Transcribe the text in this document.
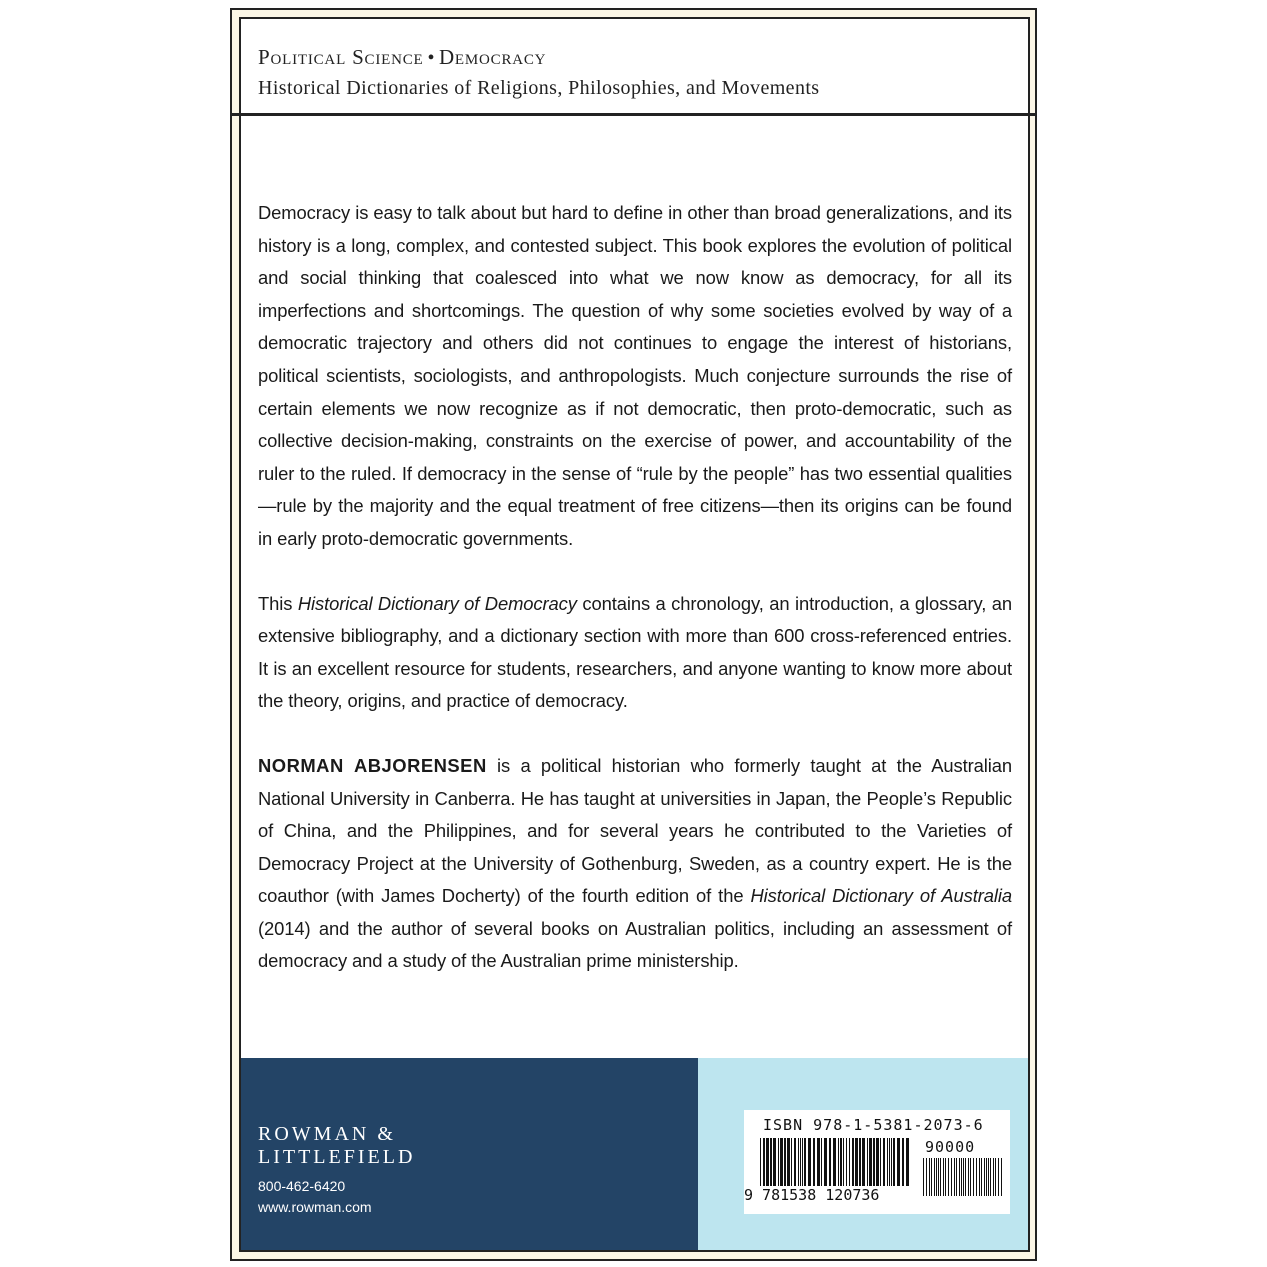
Political Science • Democracy
Historical Dictionaries of Religions, Philosophies, and Movements

Democracy is easy to talk about but hard to define in other than broad generalizations, and its history is a long, complex, and contested subject. This book explores the evolution of political and social thinking that coalesced into what we now know as democracy, for all its imperfections and shortcomings. The question of why some societies evolved by way of a democratic trajectory and others did not continues to engage the interest of historians, political scientists, sociologists, and anthropologists. Much conjecture surrounds the rise of certain elements we now recognize as if not democratic, then proto-democratic, such as collective decision-making, constraints on the exercise of power, and accountability of the ruler to the ruled. If democracy in the sense of “rule by the people” has two essential qualities—rule by the majority and the equal treatment of free citizens—then its origins can be found in early proto-democratic governments.

This Historical Dictionary of Democracy contains a chronology, an introduction, a glossary, an extensive bibliography, and a dictionary section with more than 600 cross-referenced entries. It is an excellent resource for students, researchers, and anyone wanting to know more about the theory, origins, and practice of democracy.

NORMAN ABJORENSEN is a political historian who formerly taught at the Australian National University in Canberra. He has taught at universities in Japan, the People’s Republic of China, and the Philippines, and for several years he contributed to the Varieties of Democracy Project at the University of Gothenburg, Sweden, as a country expert. He is the coauthor (with James Docherty) of the fourth edition of the Historical Dictionary of Australia (2014) and the author of several books on Australian politics, including an assessment of democracy and a study of the Australian prime ministership.

ROWMAN &
LITTLEFIELD
800-462-6420
www.rowman.com
ISBN 978-1-5381-2073-6
90000
9 781538 120736
